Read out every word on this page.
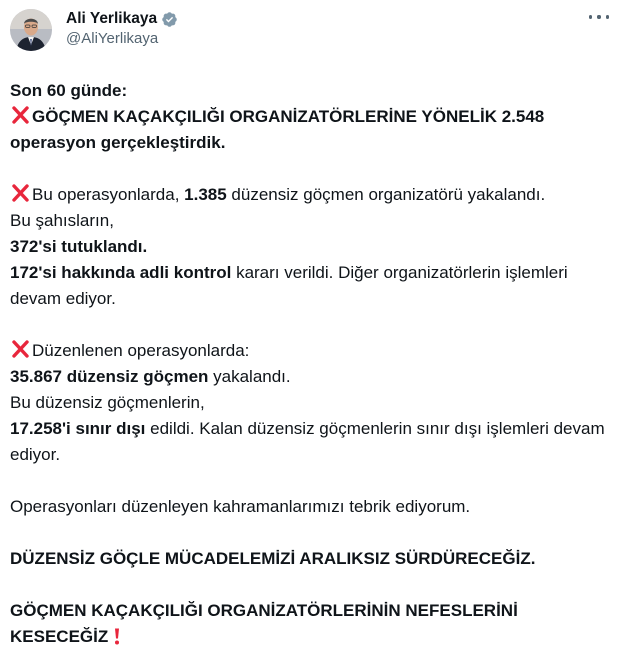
Ali Yerlikaya
@AliYerlikaya

Son 60 günde:

GÖÇMEN KAÇAKÇILIĞI ORGANİZATÖRLERİNE YÖNELİK 2.548 operasyon gerçekleştirdik.

Bu operasyonlarda, 1.385 düzensiz göçmen organizatörü yakalandı.

Bu şahısların,

372'si tutuklandı.

172'si hakkında adli kontrol kararı verildi. Diğer organizatörlerin işlemleri devam ediyor.

Düzenlenen operasyonlarda:

35.867 düzensiz göçmen yakalandı.

Bu düzensiz göçmenlerin,

17.258'i sınır dışı edildi. Kalan düzensiz göçmenlerin sınır dışı işlemleri devam ediyor.

Operasyonları düzenleyen kahramanlarımızı tebrik ediyorum.

DÜZENSİZ GÖÇLE MÜCADELEMİZİ ARALIKSIZ SÜRDÜRECEĞİZ.

GÖÇMEN KAÇAKÇILIĞI ORGANİZATÖRLERİNİN NEFESLERİNİ KESECEĞİZ
